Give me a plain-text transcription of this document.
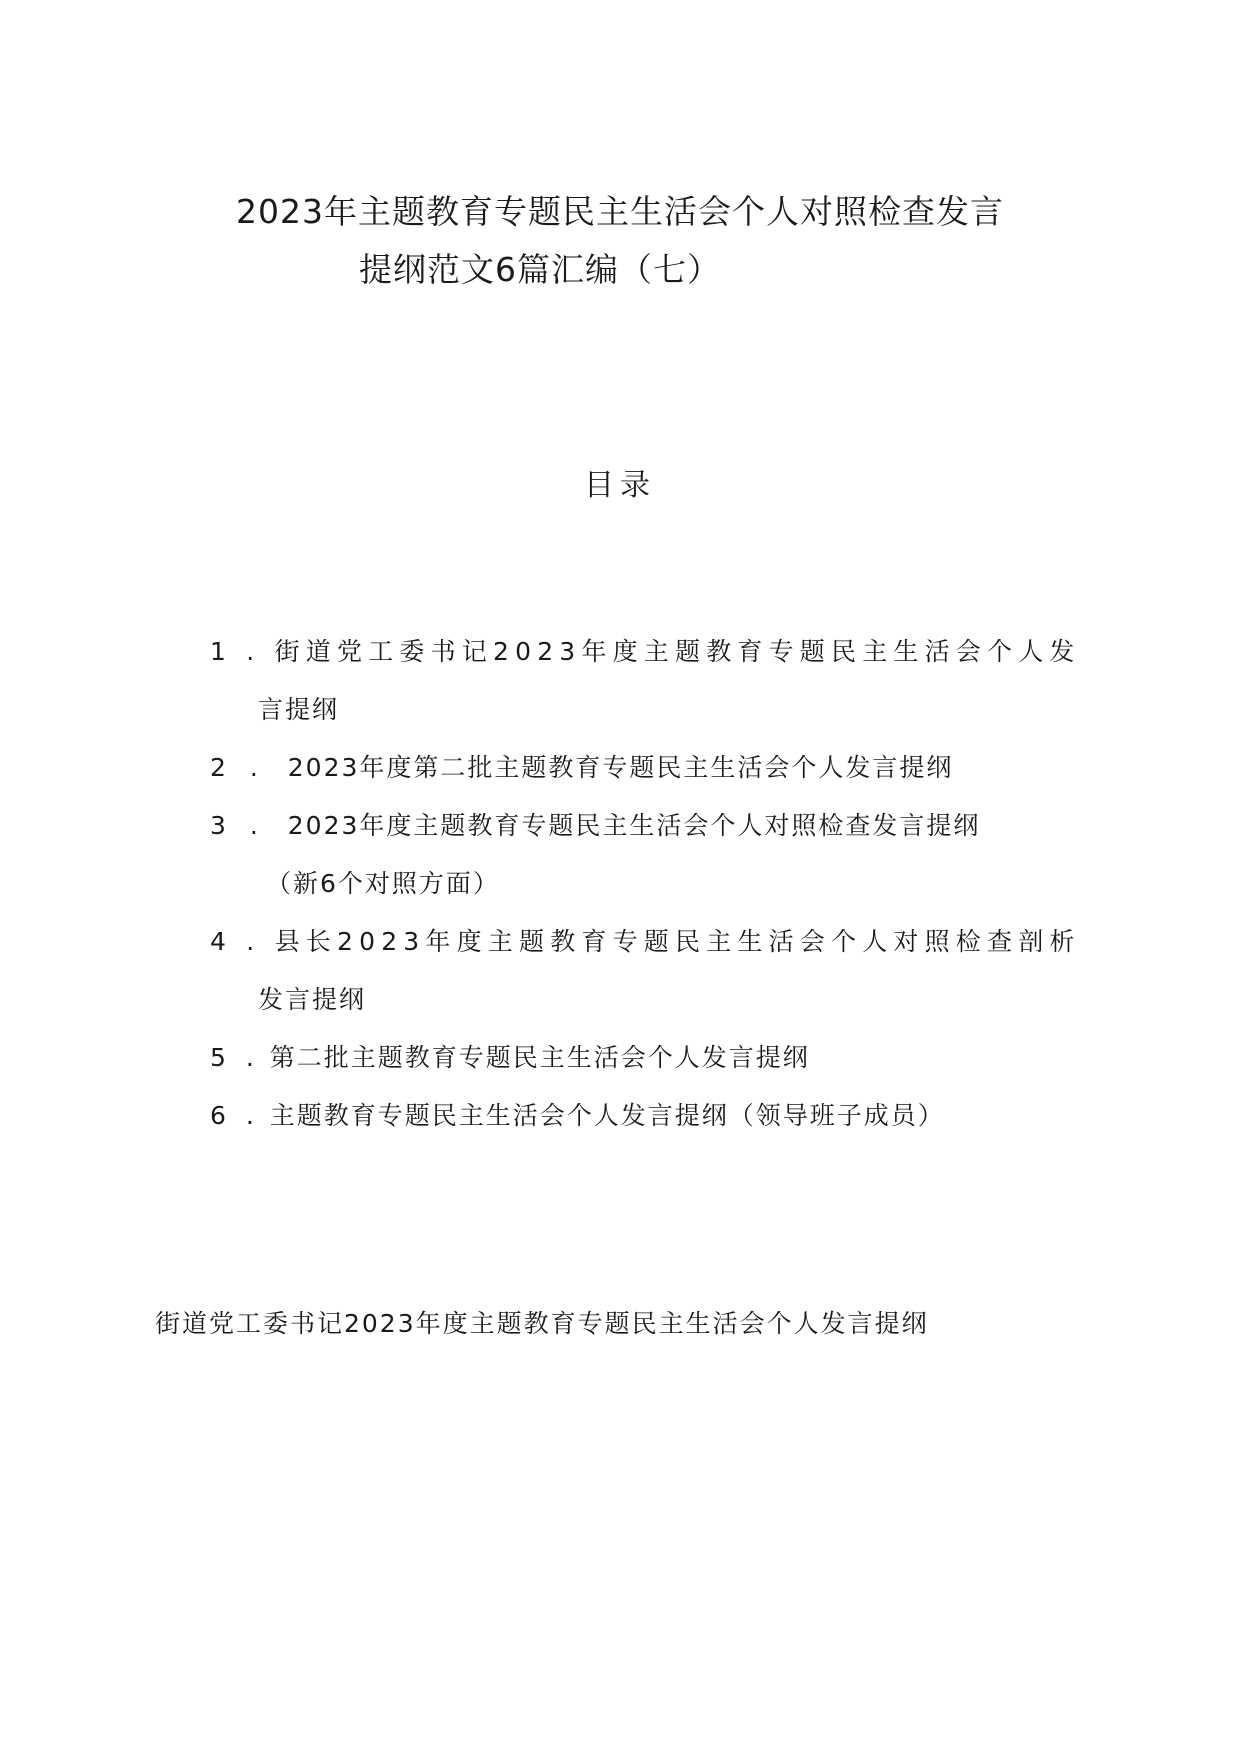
2023年主题教育专题民主生活会个人对照检查发言
提纲范文6篇汇编（七）
目录
1 . 街道党工委书记2023年度主题教育专题民主生活会个人发
言提纲
2 . 2023年度第二批主题教育专题民主生活会个人发言提纲
3 . 2023年度主题教育专题民主生活会个人对照检查发言提纲
（新6个对照方面）
4 . 县长2023年度主题教育专题民主生活会个人对照检查剖析
发言提纲
5 . 第二批主题教育专题民主生活会个人发言提纲
6 . 主题教育专题民主生活会个人发言提纲（领导班子成员）
街道党工委书记2023年度主题教育专题民主生活会个人发言提纲
